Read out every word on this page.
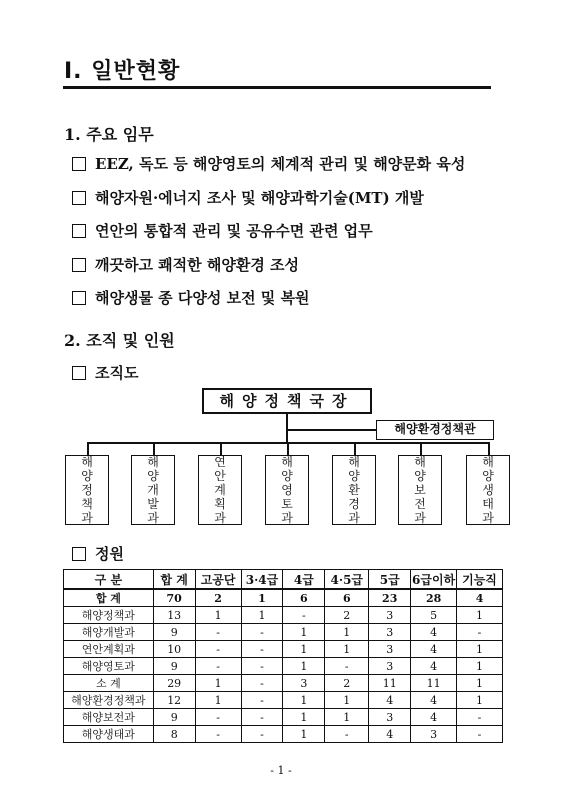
Ⅰ. 일반현황
1. 주요 임무
EEZ, 독도 등 해양영토의 체계적 관리 및 해양문화 육성
해양자원·에너지 조사 및 해양과학기술(MT) 개발
연안의 통합적 관리 및 공유수면 관련 업무
깨끗하고 쾌적한 해양환경 조성
해양생물 종 다양성 보전 및 복원
2. 조직 및 인원
조직도
해양정책국장
해양환경정책관
해
양
정
책
과
해
양
개
발
과
연
안
계
획
과
해
양
영
토
과
해
양
환
경
과
해
양
보
전
과
해
양
생
태
과
정원
구 분	합 계	고공단	3·4급	4급	4·5급	5급	6급이하	기능직
합 계	70	2	1	6	6	23	28	4
해양정책과	13	1	1	-	2	3	5	1
해양개발과	9	-	-	1	1	3	4	-
연안계획과	10	-	-	1	1	3	4	1
해양영토과	9	-	-	1	-	3	4	1
소 계	29	1	-	3	2	11	11	1
해양환경정책과	12	1	-	1	1	4	4	1
해양보전과	9	-	-	1	1	3	4	-
해양생태과	8	-	-	1	-	4	3	-
- 1 -
